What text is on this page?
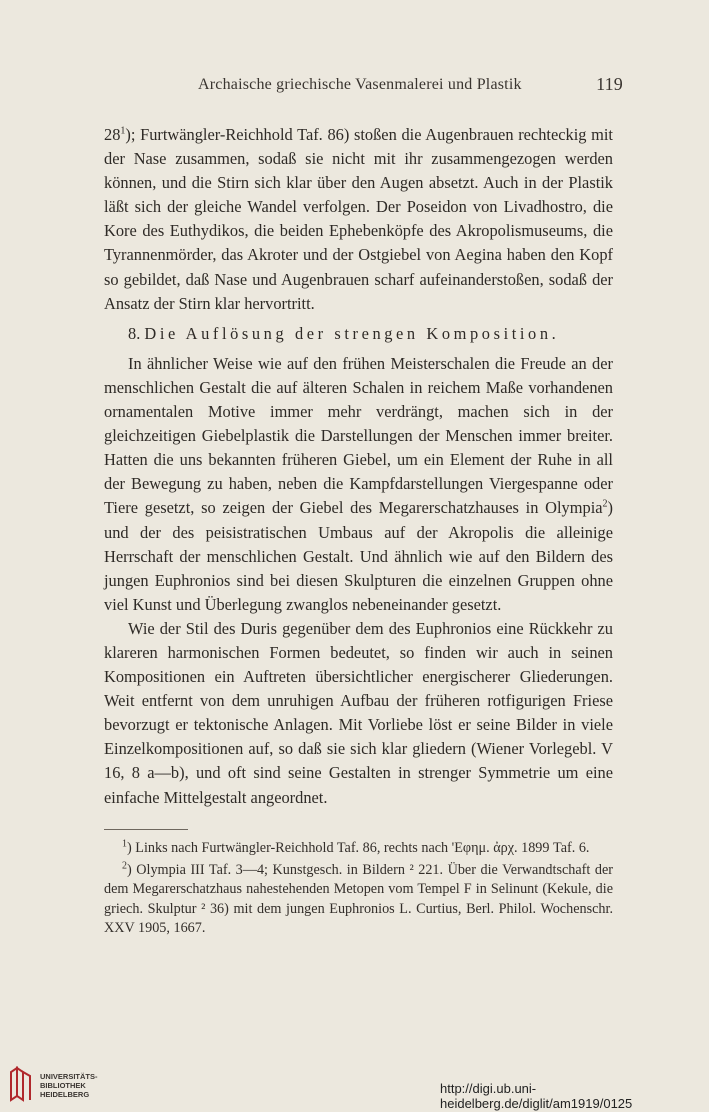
Archaische griechische Vasenmalerei und Plastik	119

$28^1$); Furtwängler-Reichhold Taf. 86) stoßen die Augenbrauen rechteckig mit der Nase zusammen, sodaß sie nicht mit ihr zusammengezogen werden können, und die Stirn sich klar über den Augen absetzt. Auch in der Plastik läßt sich der gleiche Wandel verfolgen. Der Poseidon von Livadhostro, die Kore des Euthydikos, die beiden Ephebenköpfe des Akropolismuseums, die Tyrannenmörder, das Akroter und der Ostgiebel von Aegina haben den Kopf so gebildet, daß Nase und Augenbrauen scharf aufeinanderstoßen, sodaß der Ansatz der Stirn klar hervortritt.

8. Die Auflösung der strengen Komposition.

In ähnlicher Weise wie auf den frühen Meisterschalen die Freude an der menschlichen Gestalt die auf älteren Schalen in reichem Maße vorhandenen ornamentalen Motive immer mehr verdrängt, machen sich in der gleichzeitigen Giebelplastik die Darstellungen der Menschen immer breiter. Hatten die uns bekannten früheren Giebel, um ein Element der Ruhe in all der Bewegung zu haben, neben die Kampfdarstellungen Viergespanne oder Tiere gesetzt, so zeigen der Giebel des Megarerschatzhauses in Olympia$^2$) und der des peisistratischen Umbaus auf der Akropolis die alleinige Herrschaft der menschlichen Gestalt. Und ähnlich wie auf den Bildern des jungen Euphronios sind bei diesen Skulpturen die einzelnen Gruppen ohne viel Kunst und Überlegung zwanglos nebeneinander gesetzt.

Wie der Stil des Duris gegenüber dem des Euphronios eine Rückkehr zu klareren harmonischen Formen bedeutet, so finden wir auch in seinen Kompositionen ein Auftreten übersichtlicher energischerer Gliederungen. Weit entfernt von dem unruhigen Aufbau der früheren rotfigurigen Friese bevorzugt er tektonische Anlagen. Mit Vorliebe löst er seine Bilder in viele Einzelkompositionen auf, so daß sie sich klar gliedern (Wiener Vorlegebl. V 16, 8 a—b), und oft sind seine Gestalten in strenger Symmetrie um eine einfache Mittelgestalt angeordnet.

$^1$) Links nach Furtwängler-Reichhold Taf. 86, rechts nach 'Εφημ. ἀρχ. 1899 Taf. 6.

$^2$) Olympia III Taf. 3—4; Kunstgesch. in Bildern ² 221. Über die Verwandtschaft der dem Megarerschatzhaus nahestehenden Metopen vom Tempel F in Selinunt (Kekule, die griech. Skulptur ² 36) mit dem jungen Euphronios L. Curtius, Berl. Philol. Wochenschr. XXV 1905, 1667.

UNIVERSITÄTS-
BIBLIOTHEK
HEIDELBERG	http://digi.ub.uni-heidelberg.de/diglit/am1919/0125
